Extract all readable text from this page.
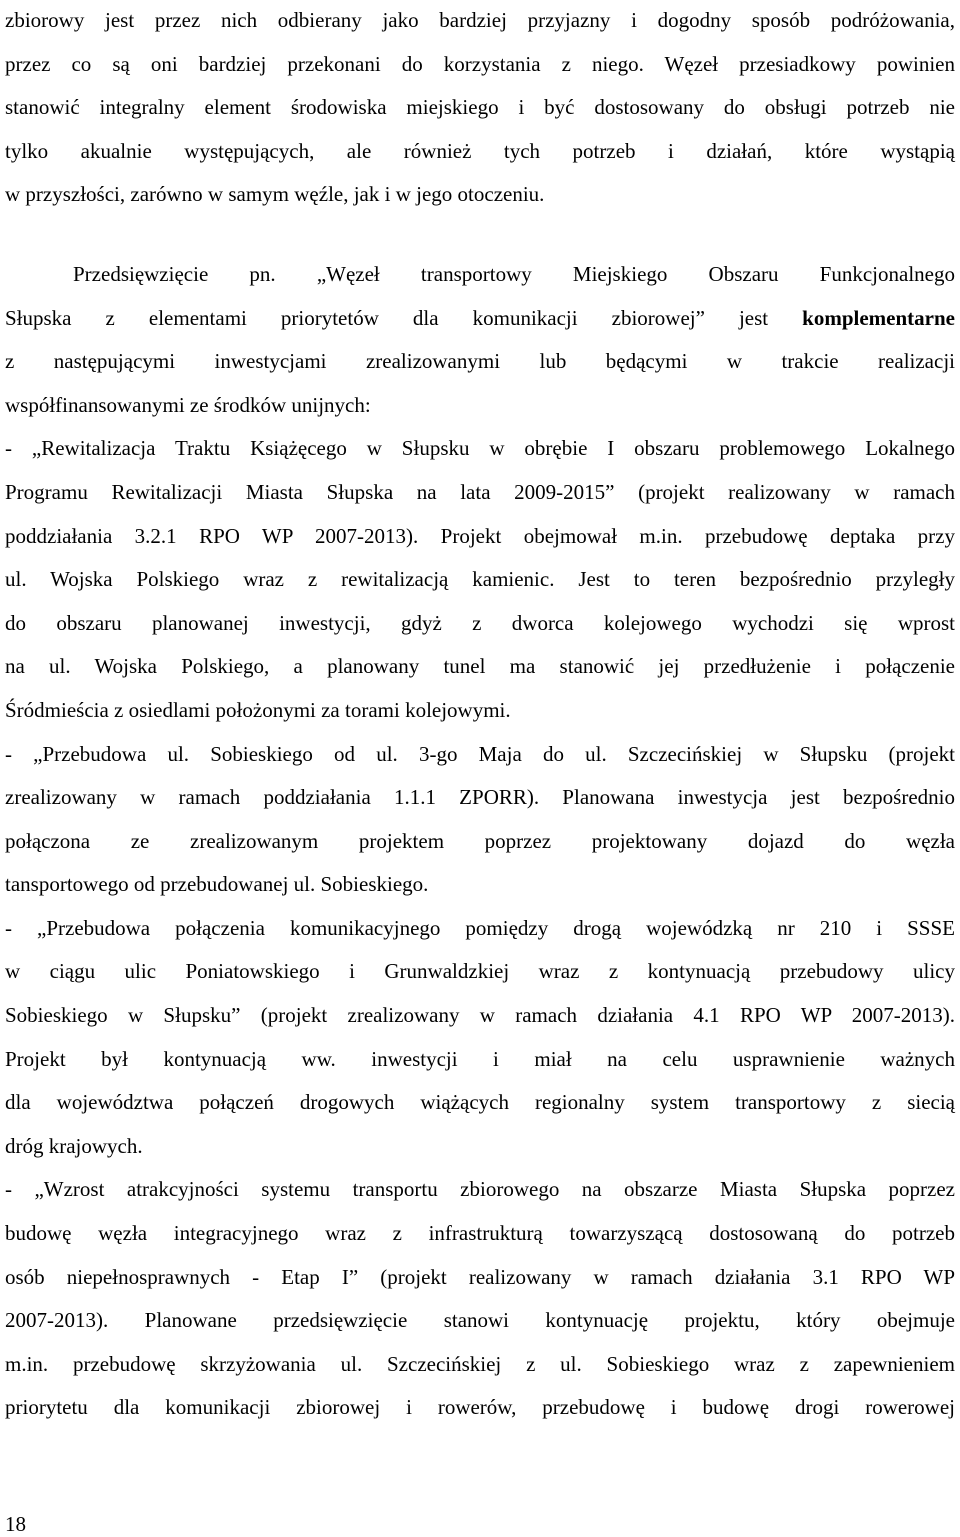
zbiorowy jest przez nich odbierany jako bardziej przyjazny i dogodny sposób podróżowania,
przez co są oni bardziej przekonani do korzystania z niego. Węzeł przesiadkowy powinien
stanowić integralny element środowiska miejskiego i być dostosowany do obsługi potrzeb nie
tylko akualnie występujących, ale również tych potrzeb i działań, które wystąpią
w przyszłości, zarówno w samym węźle, jak i w jego otoczeniu.
Przedsięwzięcie pn. „Węzeł transportowy Miejskiego Obszaru Funkcjonalnego
Słupska z elementami priorytetów dla komunikacji zbiorowej” jest komplementarne
z następującymi inwestycjami zrealizowanymi lub będącymi w trakcie realizacji
współfinansowanymi ze środków unijnych:
- „Rewitalizacja Traktu Książęcego w Słupsku w obrębie I obszaru problemowego Lokalnego
Programu Rewitalizacji Miasta Słupska na lata 2009-2015” (projekt realizowany w ramach
poddziałania 3.2.1 RPO WP 2007-2013). Projekt obejmował m.in. przebudowę deptaka przy
ul. Wojska Polskiego wraz z rewitalizacją kamienic. Jest to teren bezpośrednio przyległy
do obszaru planowanej inwestycji, gdyż z dworca kolejowego wychodzi się wprost
na ul. Wojska Polskiego, a planowany tunel ma stanowić jej przedłużenie i połączenie
Śródmieścia z osiedlami położonymi za torami kolejowymi.
- „Przebudowa ul. Sobieskiego od ul. 3-go Maja do ul. Szczecińskiej w Słupsku (projekt
zrealizowany w ramach poddziałania 1.1.1 ZPORR). Planowana inwestycja jest bezpośrednio
połączona ze zrealizowanym projektem poprzez projektowany dojazd do węzła
tansportowego od przebudowanej ul. Sobieskiego.
- „Przebudowa połączenia komunikacyjnego pomiędzy drogą wojewódzką nr 210 i SSSE
w ciągu ulic Poniatowskiego i Grunwaldzkiej wraz z kontynuacją przebudowy ulicy
Sobieskiego w Słupsku” (projekt zrealizowany w ramach działania 4.1 RPO WP 2007-2013).
Projekt był kontynuacją ww. inwestycji i miał na celu usprawnienie ważnych
dla województwa połączeń drogowych wiążących regionalny system transportowy z siecią
dróg krajowych.
- „Wzrost atrakcyjności systemu transportu zbiorowego na obszarze Miasta Słupska poprzez
budowę węzła integracyjnego wraz z infrastrukturą towarzyszącą dostosowaną do potrzeb
osób niepełnosprawnych - Etap I” (projekt realizowany w ramach działania 3.1 RPO WP
2007-2013). Planowane przedsięwzięcie stanowi kontynuację projektu, który obejmuje
m.in. przebudowę skrzyżowania ul. Szczecińskiej z ul. Sobieskiego wraz z zapewnieniem
priorytetu dla komunikacji zbiorowej i rowerów, przebudowę i budowę drogi rowerowej
18
